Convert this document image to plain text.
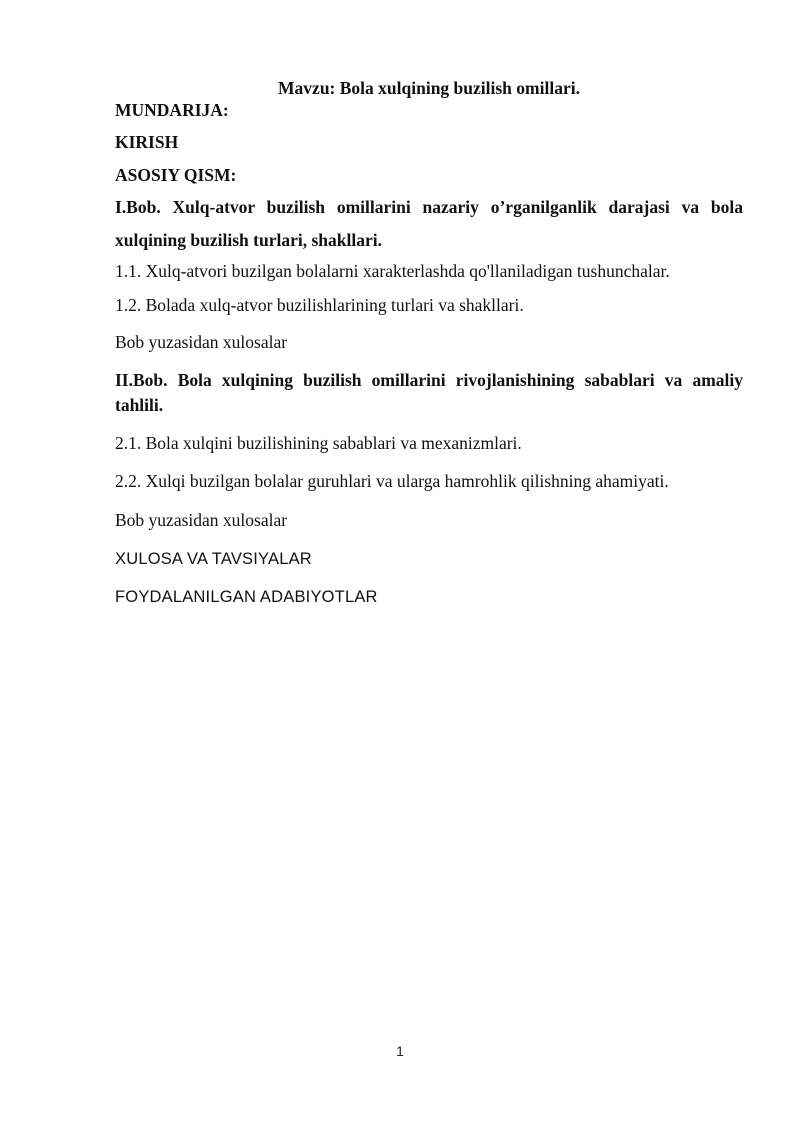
Mavzu: Bola xulqining buzilish omillari.

MUNDARIJA:

KIRISH

ASOSIY QISM:

I.Bob. Xulq-atvor buzilish omillarini nazariy o’rganilganlik darajasi va bola xulqining buzilish turlari, shakllari.

1.1. Xulq-atvori buzilgan bolalarni xarakterlashda qo'llaniladigan tushunchalar.

1.2. Bolada xulq-atvor buzilishlarining turlari va shakllari.

Bob yuzasidan xulosalar

II.Bob. Bola xulqining buzilish omillarini rivojlanishining sabablari va amaliy tahlili.

2.1. Bola xulqini buzilishining sabablari va mexanizmlari.

2.2. Xulqi buzilgan bolalar guruhlari va ularga hamrohlik qilishning ahamiyati.

Bob yuzasidan xulosalar

XULOSA VA TAVSIYALAR

FOYDALANILGAN ADABIYOTLAR

1
